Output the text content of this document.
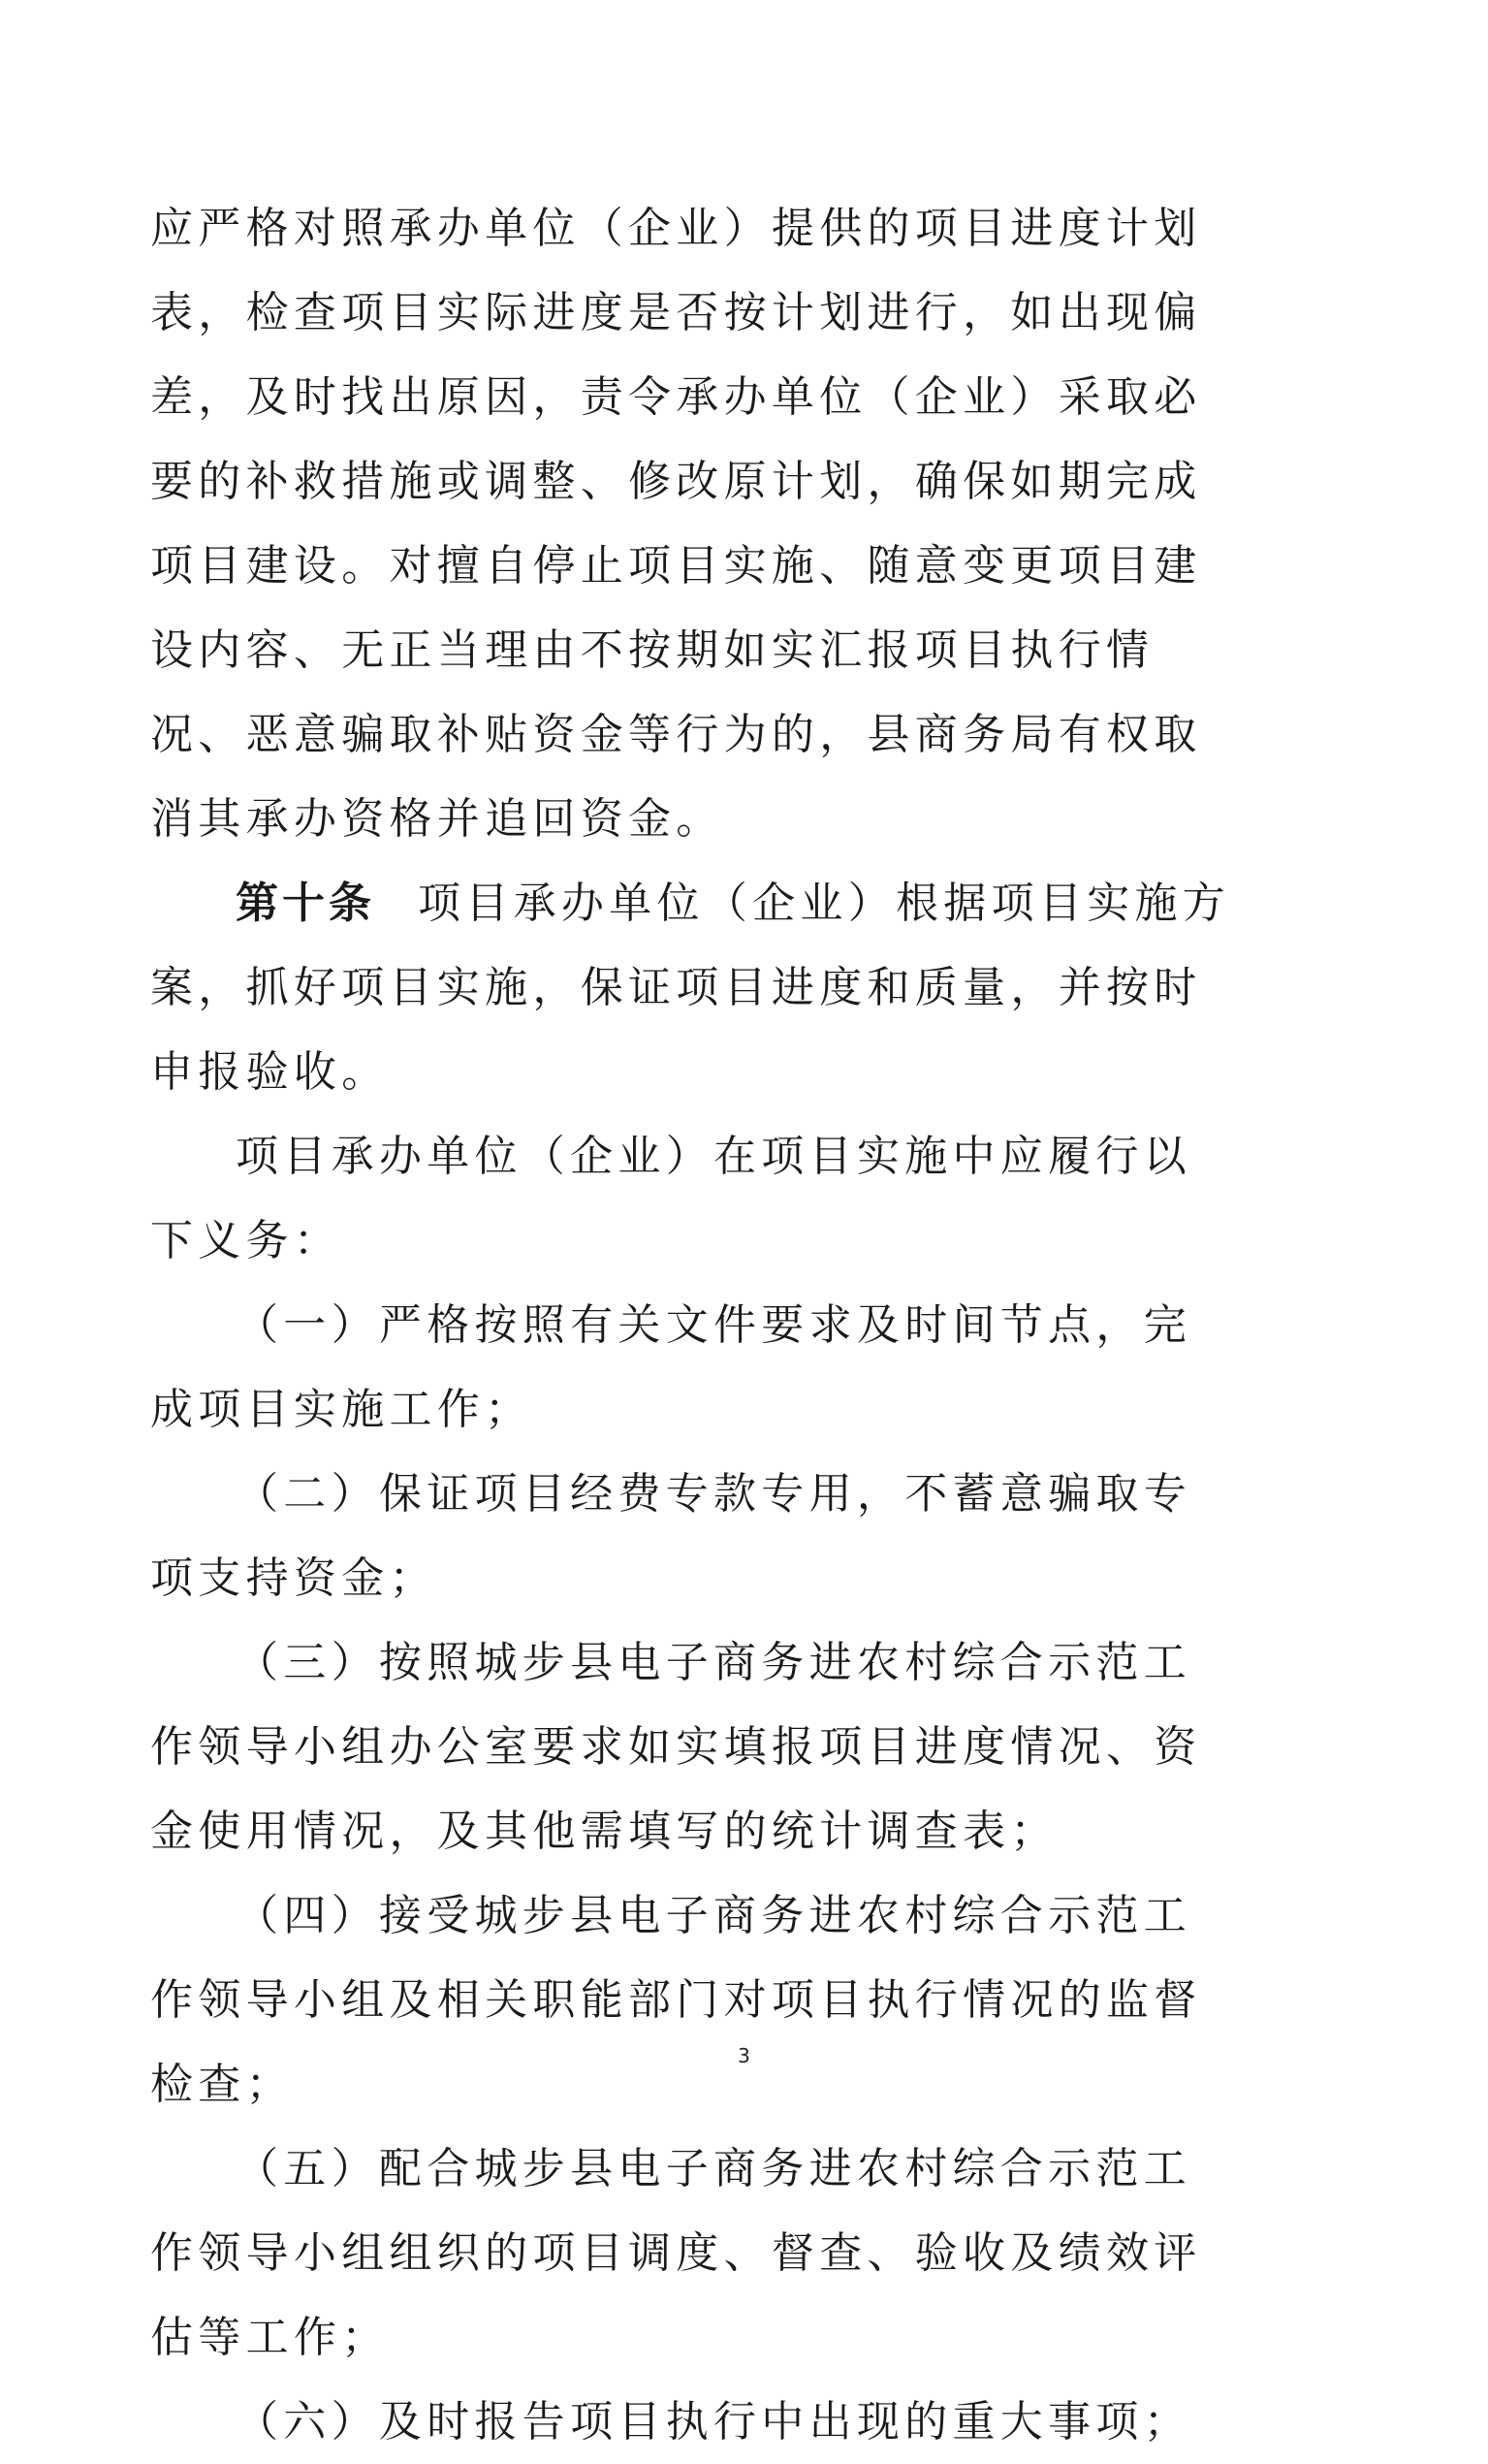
应严格对照承办单位（企业）提供的项目进度计划表，检查项目实际进度是否按计划进行，如出现偏差，及时找出原因，责令承办单位（企业）采取必要的补救措施或调整、修改原计划，确保如期完成项目建设。对擅自停止项目实施、随意变更项目建设内容、无正当理由不按期如实汇报项目执行情况、恶意骗取补贴资金等行为的，县商务局有权取消其承办资格并追回资金。

第十条 项目承办单位（企业）根据项目实施方案，抓好项目实施，保证项目进度和质量，并按时申报验收。

项目承办单位（企业）在项目实施中应履行以下义务：

（一）严格按照有关文件要求及时间节点，完成项目实施工作；

（二）保证项目经费专款专用，不蓄意骗取专项支持资金；

（三）按照城步县电子商务进农村综合示范工作领导小组办公室要求如实填报项目进度情况、资金使用情况，及其他需填写的统计调查表；

（四）接受城步县电子商务进农村综合示范工作领导小组及相关职能部门对项目执行情况的监督检查；

（五）配合城步县电子商务进农村综合示范工作领导小组组织的项目调度、督查、验收及绩效评估等工作；

（六）及时报告项目执行中出现的重大事项；

3
